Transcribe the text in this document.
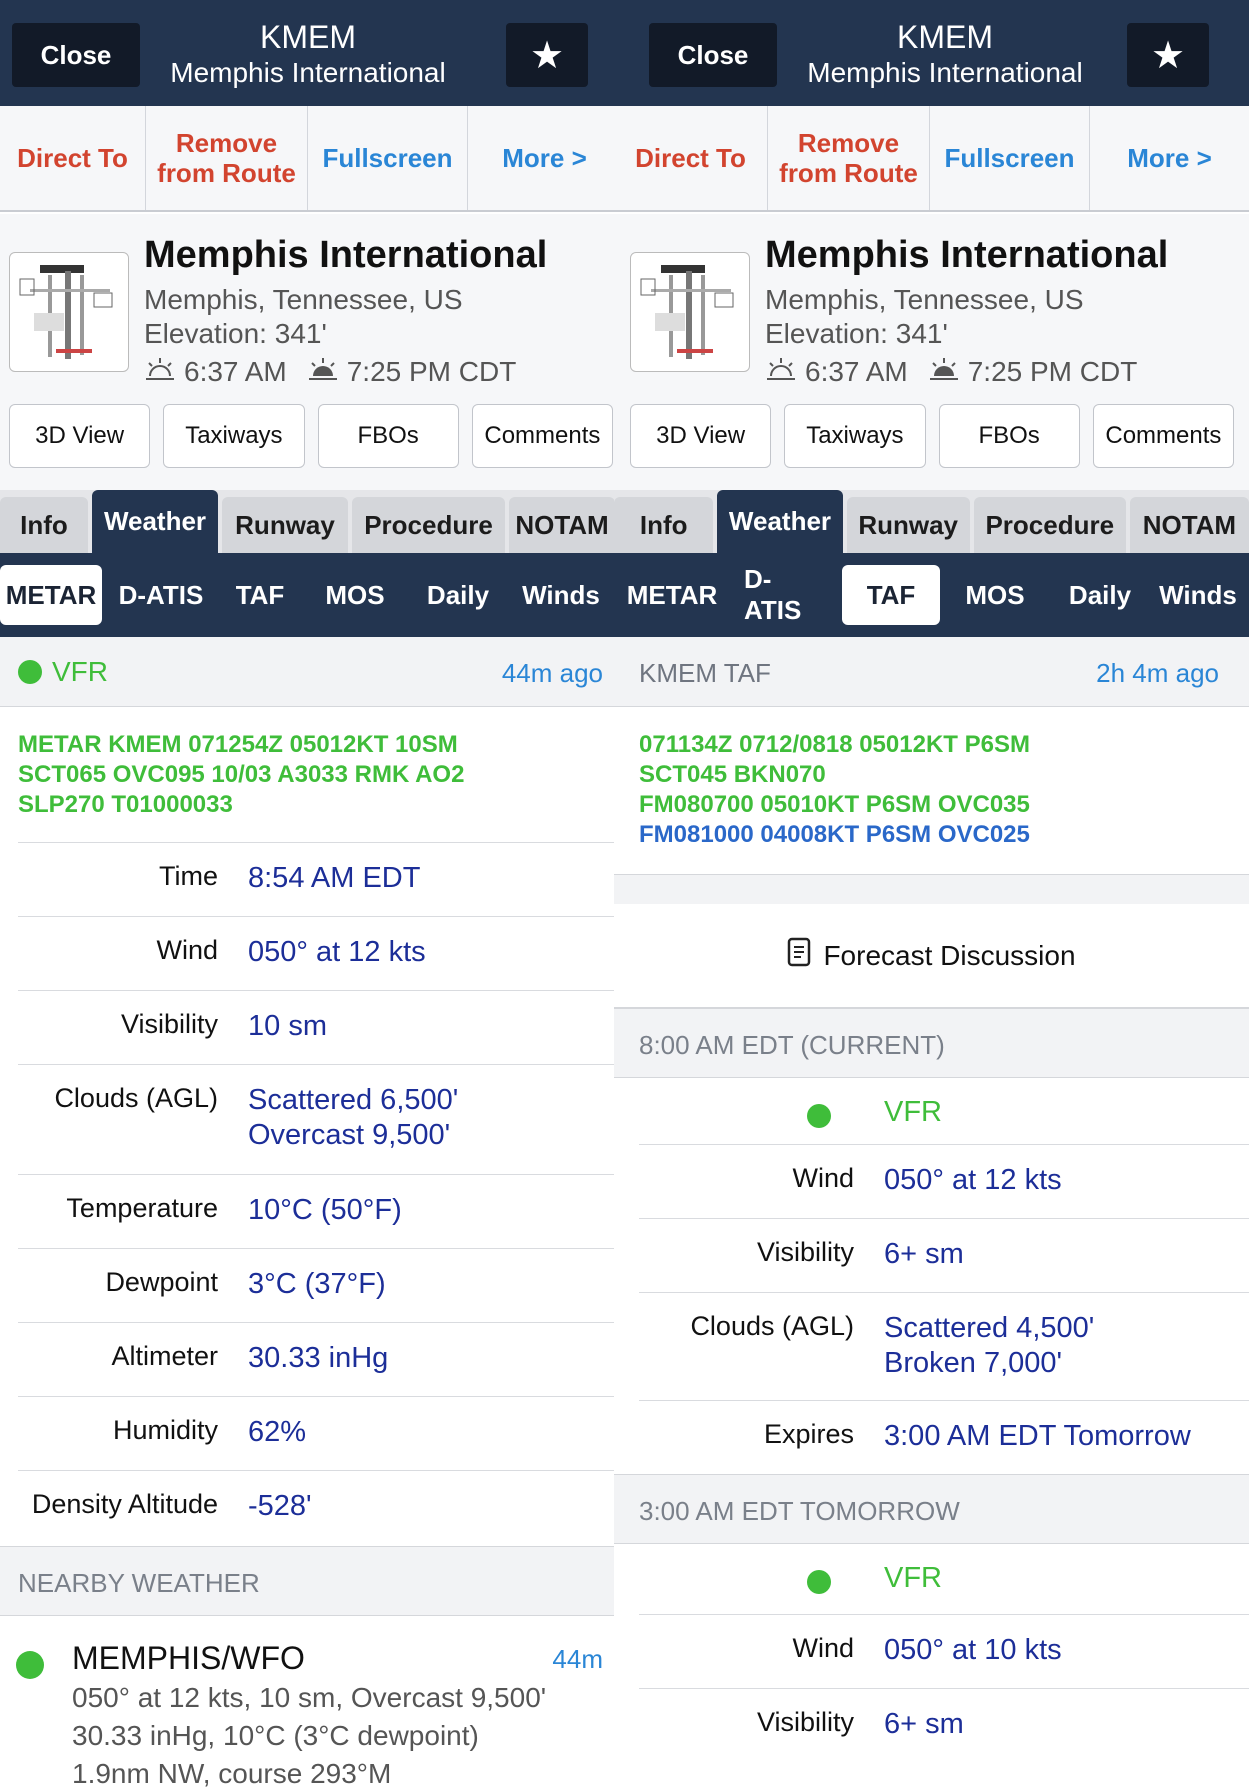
Close	KMEM
Memphis International	★
Direct To	Remove
from Route	Fullscreen	More >
Memphis International
Memphis, Tennessee, US
Elevation: 341'
6:37 AM 7:25 PM CDT
3D View	Taxiways	FBOs	Comments
Info	Weather	Runway	Procedure NOTAM
METAR D-ATIS	TAF	MOS	Daily	Winds
VFR	44m ago
METAR KMEM 071254Z 05012KT 10SM
SCT065 OVC095 10/03 A3033 RMK AO2
SLP270 T01000033
Time 8:54 AM EDT
Wind 050° at 12 kts
Visibility 10 sm
Clouds (AGL) Scattered 6,500'
Overcast 9,500'
Temperature 10°C (50°F)
Dewpoint 3°C (37°F)
Altimeter 30.33 inHg
Humidity 62%
Density Altitude -528'
NEARBY WEATHER
MEMPHIS/WFO	44m
050° at 12 kts, 10 sm, Overcast 9,500'
30.33 inHg, 10°C (3°C dewpoint)
1.9nm NW, course 293°M
Close	KMEM
Memphis International	★
Direct To	Remove
from Route	Fullscreen	More >
Memphis International
Memphis, Tennessee, US
Elevation: 341'
6:37 AM 7:25 PM CDT
3D View	Taxiways	FBOs	Comments
Info	Weather	Runway	Procedure	NOTAM
METAR
D-ATIS
TAF	MOS	Daily	Winds
KMEM TAF	2h 4m ago
071134Z 0712/0818 05012KT P6SM
SCT045 BKN070
FM080700 05010KT P6SM OVC035
FM081000 04008KT P6SM OVC025
Forecast Discussion
8:00 AM EDT (CURRENT)
VFR
Wind 050° at 12 kts
Visibility 6+ sm
Clouds (AGL) Scattered 4,500'
Broken 7,000'
Expires 3:00 AM EDT Tomorrow
3:00 AM EDT TOMORROW
VFR
Wind 050° at 10 kts
Visibility 6+ sm
